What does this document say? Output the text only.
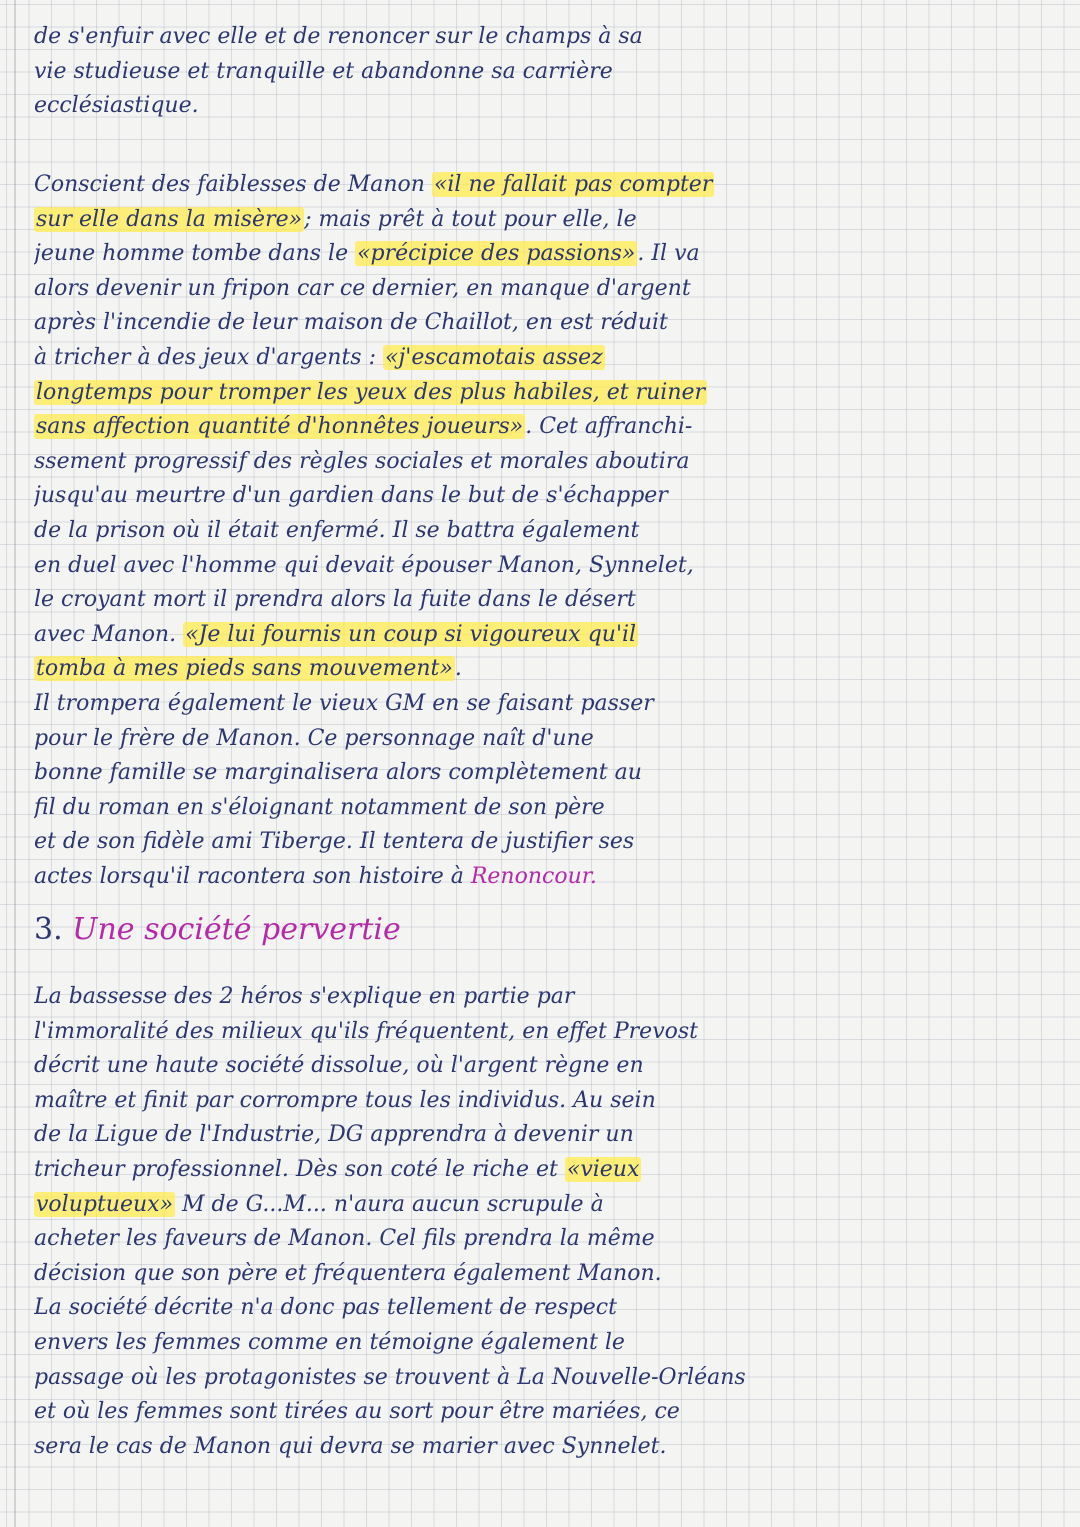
de s'enfuir avec elle et de renoncer sur le champs à sa
vie studieuse et tranquille et abandonne sa carrière
ecclésiastique.
Conscient des faiblesses de Manon «il ne fallait pas compter
sur elle dans la misère»; mais prêt à tout pour elle, le
jeune homme tombe dans le «précipice des passions». Il va
alors devenir un fripon car ce dernier, en manque d'argent
après l'incendie de leur maison de Chaillot, en est réduit
à tricher à des jeux d'argents : «j'escamotais assez
longtemps pour tromper les yeux des plus habiles, et ruiner
sans affection quantité d'honnêtes joueurs». Cet affranchi-
ssement progressif des règles sociales et morales aboutira
jusqu'au meurtre d'un gardien dans le but de s'échapper
de la prison où il était enfermé. Il se battra également
en duel avec l'homme qui devait épouser Manon, Synnelet,
le croyant mort il prendra alors la fuite dans le désert
avec Manon. «Je lui fournis un coup si vigoureux qu'il
tomba à mes pieds sans mouvement».
Il trompera également le vieux GM en se faisant passer
pour le frère de Manon. Ce personnage naît d'une
bonne famille se marginalisera alors complètement au
fil du roman en s'éloignant notamment de son père
et de son fidèle ami Tiberge. Il tentera de justifier ses
actes lorsqu'il racontera son histoire à Renoncour.
3. Une société pervertie
La bassesse des 2 héros s'explique en partie par
l'immoralité des milieux qu'ils fréquentent, en effet Prevost
décrit une haute société dissolue, où l'argent règne en
maître et finit par corrompre tous les individus. Au sein
de la Ligue de l'Industrie, DG apprendra à devenir un
tricheur professionnel. Dès son coté le riche et «vieux
voluptueux» M de G...M... n'aura aucun scrupule à
acheter les faveurs de Manon. Cel fils prendra la même
décision que son père et fréquentera également Manon.
La société décrite n'a donc pas tellement de respect
envers les femmes comme en témoigne également le
passage où les protagonistes se trouvent à La Nouvelle-Orléans
et où les femmes sont tirées au sort pour être mariées, ce
sera le cas de Manon qui devra se marier avec Synnelet.
